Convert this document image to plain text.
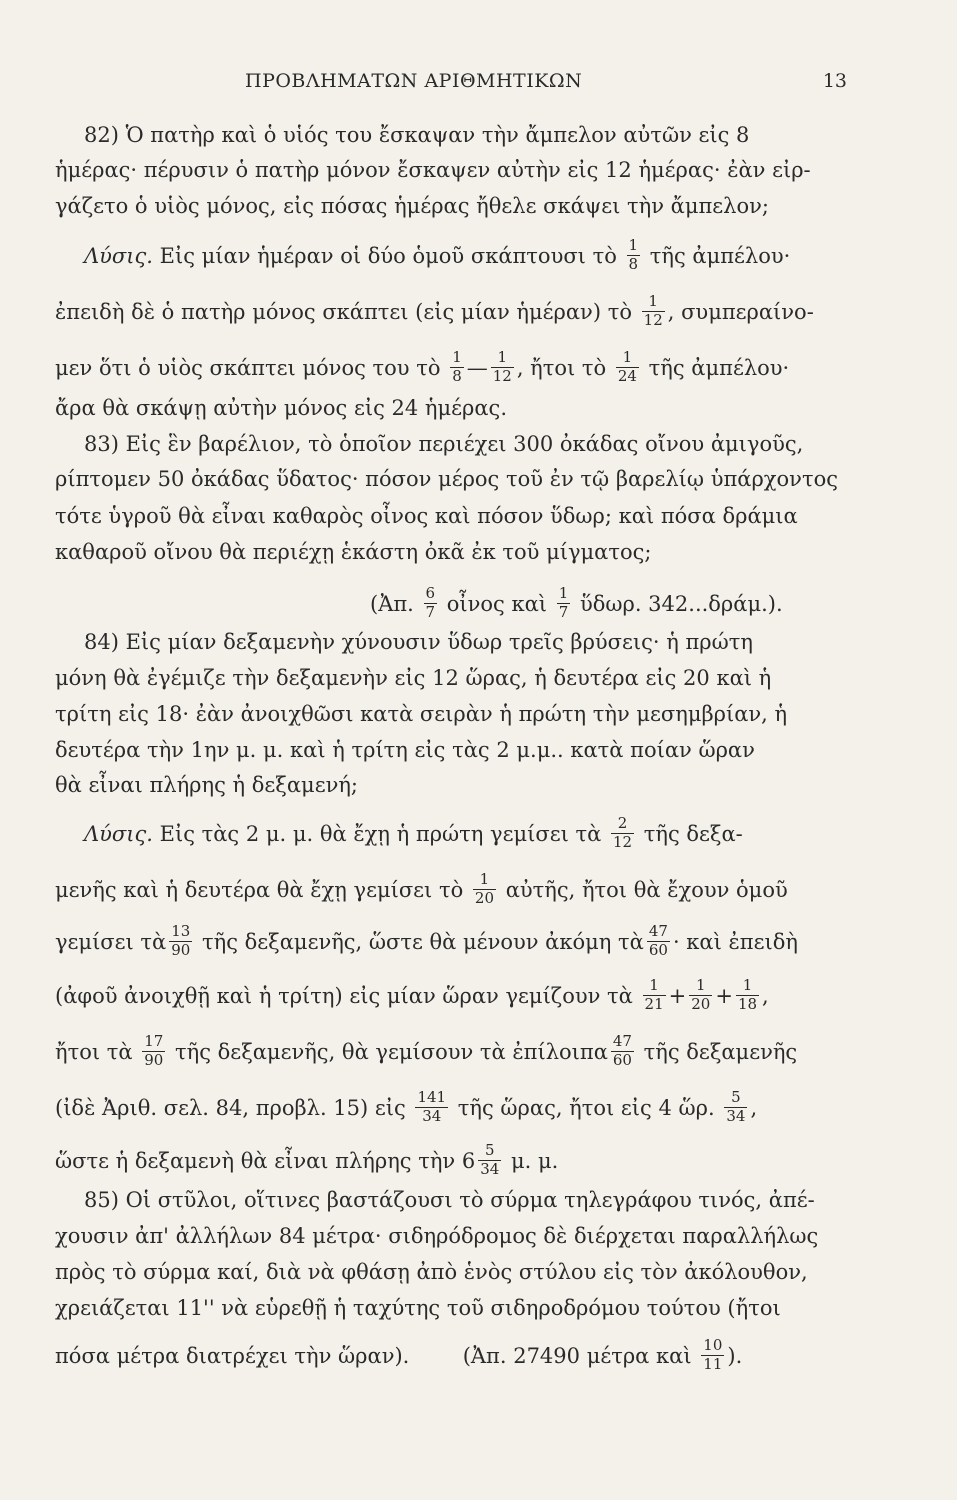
ΠΡΟΒΛΗΜΑΤΩΝ ΑΡΙΘΜΗΤΙΚΩΝ	13
82) Ὁ πατὴρ καὶ ὁ υἱός του ἔσκαψαν τὴν ἄμπελον αὐτῶν εἰς 8
ἡμέρας· πέρυσιν ὁ πατὴρ μόνον ἔσκαψεν αὐτὴν εἰς 12 ἡμέρας· ἐὰν εἰρ-
γάζετο ὁ υἱὸς μόνος, εἰς πόσας ἡμέρας ἤθελε σκάψει τὴν ἄμπελον;
Λύσις. Εἰς μίαν ἡμέραν οἱ δύο ὁμοῦ σκάπτουσι τὸ $\frac{1}{8}$ τῆς ἀμπέλου·
ἐπειδὴ δὲ ὁ πατὴρ μόνος σκάπτει (εἰς μίαν ἡμέραν) τὸ $\frac{1}{12}$ , συμπεραίνο-
μεν ὅτι ὁ υἱὸς σκάπτει μόνος του τὸ $\frac{1}{8}$ — $\frac{1}{12}$ , ἤτοι τὸ $\frac{1}{24}$ τῆς ἀμπέλου·
ἄρα θὰ σκάψῃ αὐτὴν μόνος εἰς 24 ἡμέρας.
83) Εἰς ἓν βαρέλιον, τὸ ὁποῖον περιέχει 300 ὀκάδας οἴνου ἀμιγοῦς,
ρίπτομεν 50 ὀκάδας ὕδατος· πόσον μέρος τοῦ ἐν τῷ βαρελίῳ ὑπάρχοντος
τότε ὑγροῦ θὰ εἶναι καθαρὸς οἶνος καὶ πόσον ὕδωρ; καὶ πόσα δράμια
καθαροῦ οἴνου θὰ περιέχῃ ἑκάστη ὀκᾶ ἐκ τοῦ μίγματος;
(Ἀπ. $\frac{6}{7}$ οἶνος καὶ $\frac{1}{7}$ ὕδωρ. 342...δράμ.).
84) Εἰς μίαν δεξαμενὴν χύνουσιν ὕδωρ τρεῖς βρύσεις· ἡ πρώτη
μόνη θὰ ἐγέμιζε τὴν δεξαμενὴν εἰς 12 ὥρας, ἡ δευτέρα εἰς 20 καὶ ἡ
τρίτη εἰς 18· ἐὰν ἀνοιχθῶσι κατὰ σειρὰν ἡ πρώτη τὴν μεσημβρίαν, ἡ
δευτέρα τὴν 1ην μ. μ. καὶ ἡ τρίτη εἰς τὰς 2 μ.μ.. κατὰ ποίαν ὥραν
θὰ εἶναι πλήρης ἡ δεξαμενή;
Λύσις. Εἰς τὰς 2 μ. μ. θὰ ἔχῃ ἡ πρώτη γεμίσει τὰ $\frac{2}{12}$ τῆς δεξα-
μενῆς καὶ ἡ δευτέρα θὰ ἔχῃ γεμίσει τὸ $\frac{1}{20}$ αὐτῆς, ἤτοι θὰ ἔχουν ὁμοῦ
γεμίσει τὰ $\frac{13}{90}$ τῆς δεξαμενῆς, ὥστε θὰ μένουν ἀκόμη τὰ $\frac{47}{60}$ · καὶ ἐπειδὴ
(ἀφοῦ ἀνοιχθῇ καὶ ἡ τρίτη) εἰς μίαν ὥραν γεμίζουν τὰ $\frac{1}{21} + \frac{1}{20} + \frac{1}{18}$ ,
ἤτοι τὰ $\frac{17}{90}$ τῆς δεξαμενῆς, θὰ γεμίσουν τὰ ἐπίλοιπα $\frac{47}{60}$ τῆς δεξαμενῆς
(ἰδὲ Ἀριθ. σελ. 84, προβλ. 15) εἰς $\frac{141}{34}$ τῆς ὥρας, ἤτοι εἰς 4 ὥρ. $\frac{5}{34}$ ,
ὥστε ἡ δεξαμενὴ θὰ εἶναι πλήρης τὴν $6 \frac{5}{34} \mu$. μ.
85) Οἱ στῦλοι, οἵτινες βαστάζουσι τὸ σύρμα τηλεγράφου τινός, ἀπέ-
χουσιν ἀπ' ἀλλήλων 84 μέτρα· σιδηρόδρομος δὲ διέρχεται παραλλήλως
πρὸς τὸ σύρμα καί, διὰ νὰ φθάσῃ ἀπὸ ἑνὸς στύλου εἰς τὸν ἀκόλουθον,
χρειάζεται 11'' νὰ εὑρεθῇ ἡ ταχύτης τοῦ σιδηροδρόμου τούτου (ἤτοι
πόσα μέτρα διατρέχει τὴν ὥραν).	(Ἀπ. 27490 μέτρα καὶ $\frac{10}{11}$ ).
